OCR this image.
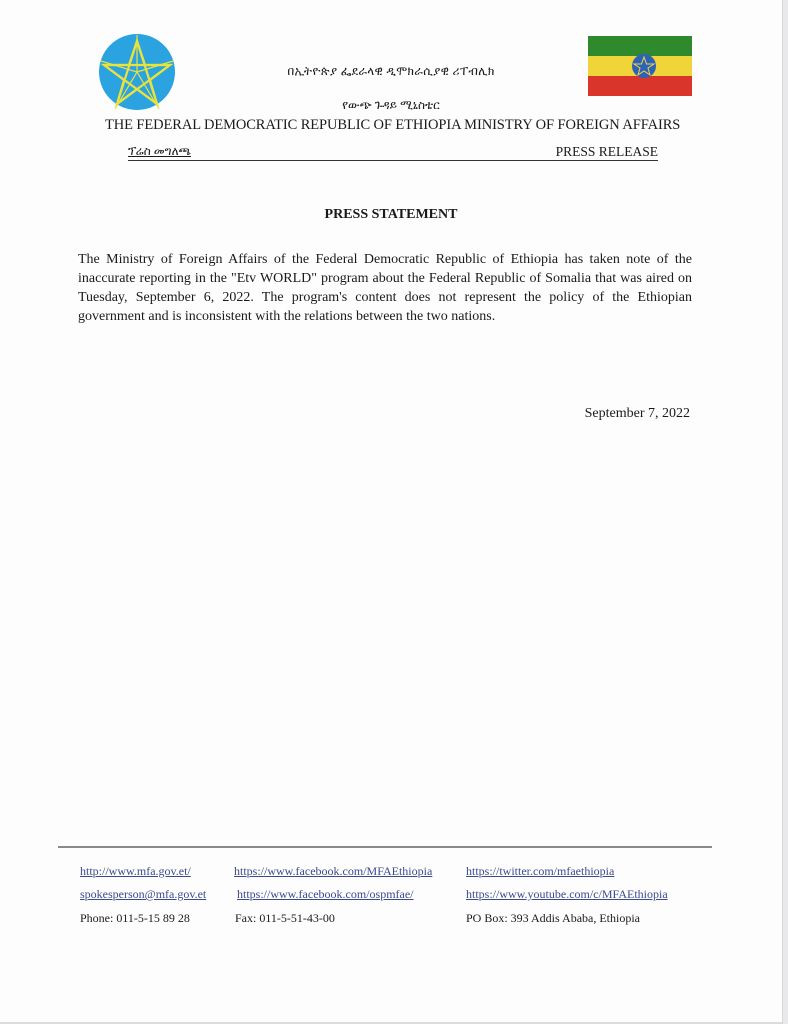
በኢትዮጵያ ፌደራላዊ ዲሞክራሲያዊ ሪፐብሊክ
የውጭ ጉዳይ ሚኒስቴር
THE FEDERAL DEMOCRATIC REPUBLIC OF ETHIOPIA MINISTRY OF FOREIGN AFFAIRS
ፕሬስ መግለጫ	PRESS RELEASE
PRESS STATEMENT
The Ministry of Foreign Affairs of the Federal Democratic Republic of Ethiopia has taken note of the inaccurate reporting in the "Etv WORLD" program about the Federal Republic of Somalia that was aired on Tuesday, September 6, 2022. The program's content does not represent the policy of the Ethiopian government and is inconsistent with the relations between the two nations.
September 7, 2022
http://www.mfa.gov.et/	https://www.facebook.com/MFAEthiopia	https://twitter.com/mfaethiopia
spokesperson@mfa.gov.et	https://www.facebook.com/ospmfae/	https://www.youtube.com/c/MFAEthiopia
Phone: 011-5-15 89 28	Fax: 011-5-51-43-00	PO Box: 393 Addis Ababa, Ethiopia
